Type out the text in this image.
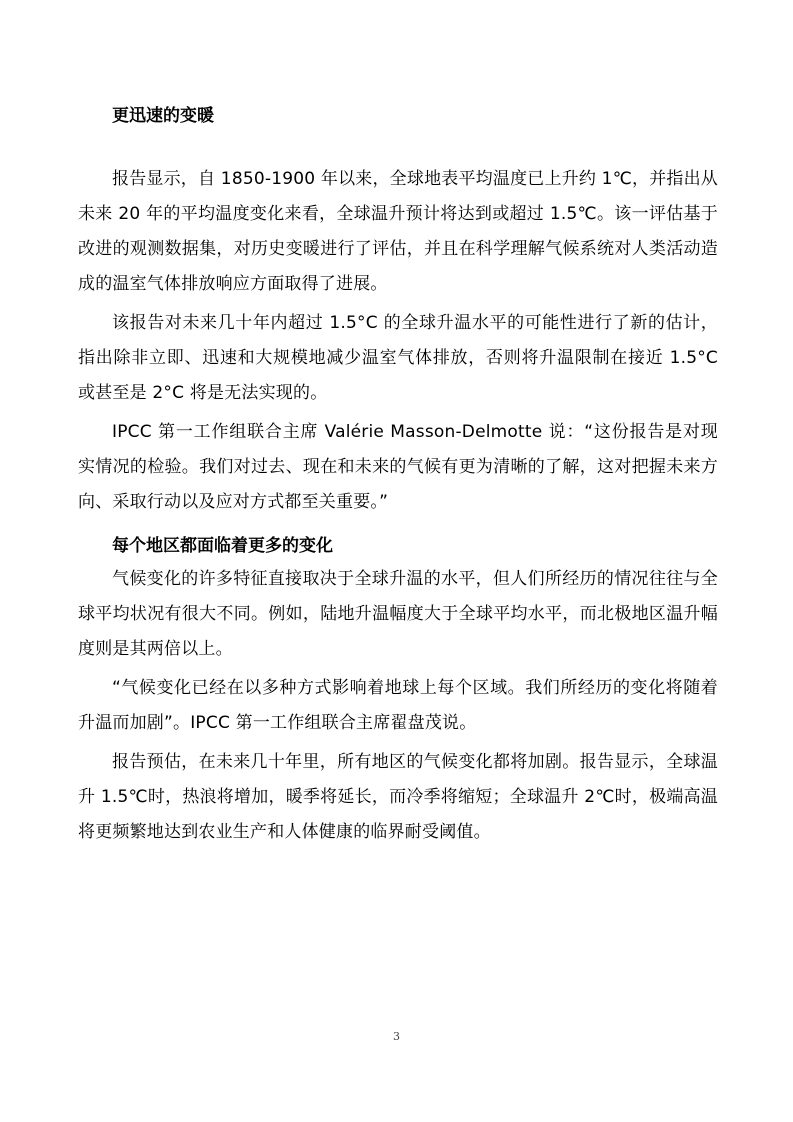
更迅速的变暖

报告显示，自 1850-1900 年以来，全球地表平均温度已上升约 1℃，并指出从未来 20 年的平均温度变化来看，全球温升预计将达到或超过 1.5℃。该一评估基于改进的观测数据集，对历史变暖进行了评估，并且在科学理解气候系统对人类活动造成的温室气体排放响应方面取得了进展。

该报告对未来几十年内超过 1.5°C 的全球升温水平的可能性进行了新的估计，指出除非立即、迅速和大规模地减少温室气体排放，否则将升温限制在接近 1.5°C 或甚至是 2°C 将是无法实现的。

IPCC 第一工作组联合主席 Valérie Masson-Delmotte 说：“这份报告是对现实情况的检验。我们对过去、现在和未来的气候有更为清晰的了解，这对把握未来方向、采取行动以及应对方式都至关重要。”

每个地区都面临着更多的变化

气候变化的许多特征直接取决于全球升温的水平，但人们所经历的情况往往与全球平均状况有很大不同。例如，陆地升温幅度大于全球平均水平，而北极地区温升幅度则是其两倍以上。

“气候变化已经在以多种方式影响着地球上每个区域。我们所经历的变化将随着升温而加剧”。IPCC 第一工作组联合主席翟盘茂说。

报告预估，在未来几十年里，所有地区的气候变化都将加剧。报告显示，全球温升 1.5℃时，热浪将增加，暖季将延长，而冷季将缩短；全球温升 2℃时，极端高温将更频繁地达到农业生产和人体健康的临界耐受阈值。

3
